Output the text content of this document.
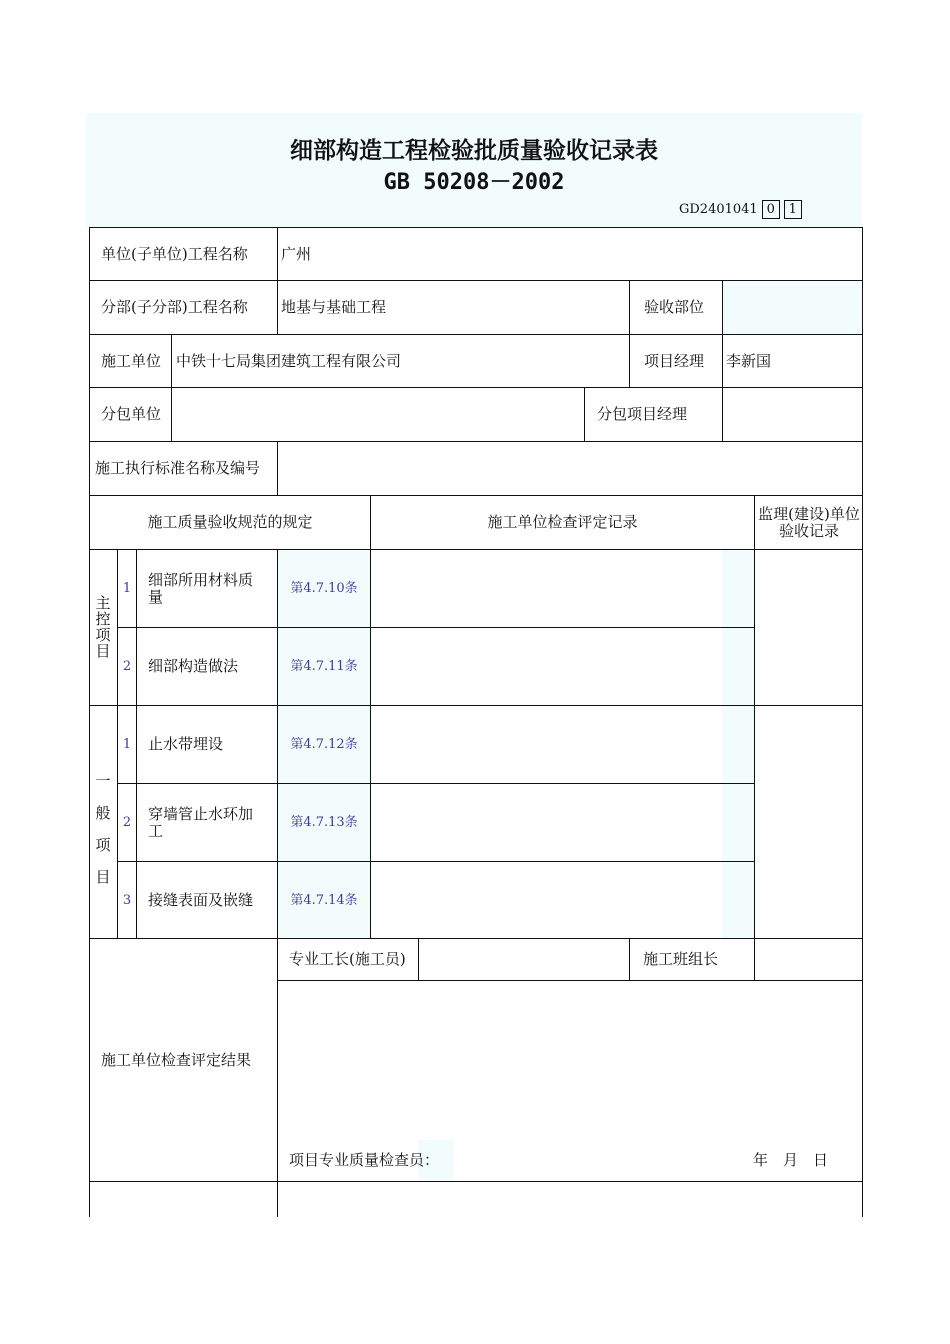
细部构造工程检验批质量验收记录表
GB 50208－2002
GD2401041 0	1
单位(子单位)工程名称 广州
分部(子分部)工程名称 地基与基础工程	验收部位
施工单位 中铁十七局集团建筑工程有限公司	项目经理 李新国
分包单位	分包项目经理
施工执行标准名称及编号
施工质量验收规范的规定	施工单位检查评定记录	监理(建设)单位验收记录
主控项目
1	细部所用材料质量	第4.7.10条
2	细部构造做法	第4.7.11条
一般项目
1	止水带埋设	第4.7.12条
2	穿墙管止水环加工	第4.7.13条
3	接缝表面及嵌缝	第4.7.14条
专业工长(施工员)	施工班组长
施工单位检查评定结果
项目专业质量检查员：	年　月　日
